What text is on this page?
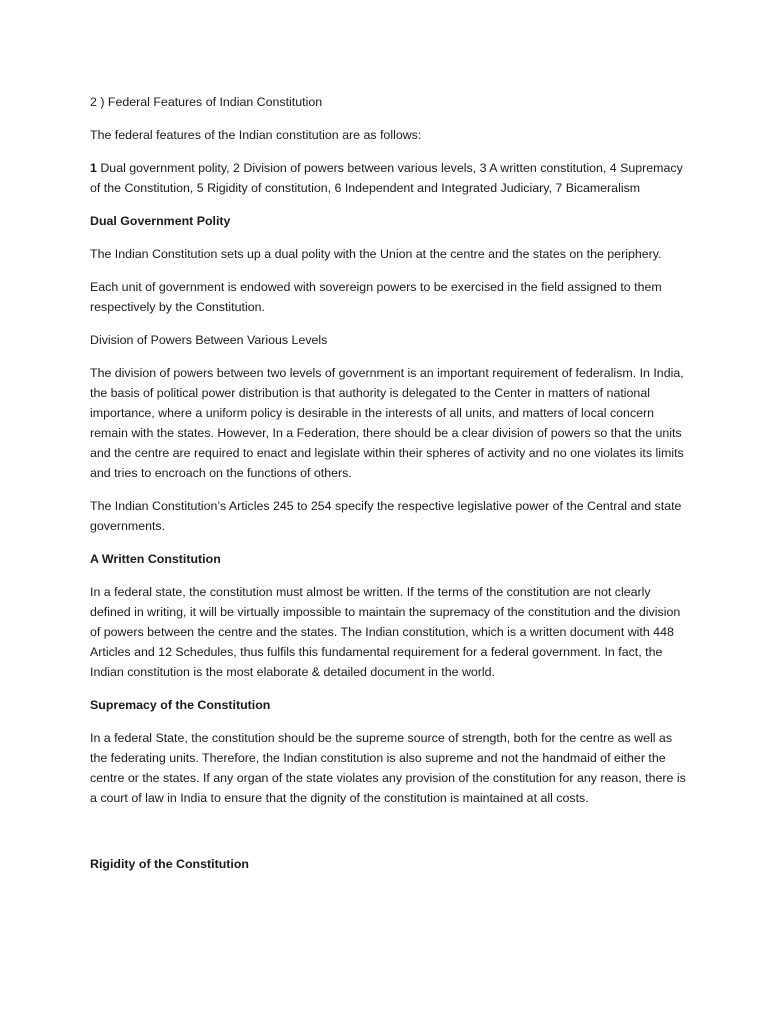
2 ) Federal Features of Indian Constitution

The federal features of the Indian constitution are as follows:

1 Dual government polity, 2 Division of powers between various levels, 3 A written constitution, 4 Supremacy of the Constitution, 5 Rigidity of constitution, 6 Independent and Integrated Judiciary, 7 Bicameralism

Dual Government Polity

The Indian Constitution sets up a dual polity with the Union at the centre and the states on the periphery.

Each unit of government is endowed with sovereign powers to be exercised in the field assigned to them respectively by the Constitution.

Division of Powers Between Various Levels

The division of powers between two levels of government is an important requirement of federalism. In India, the basis of political power distribution is that authority is delegated to the Center in matters of national importance, where a uniform policy is desirable in the interests of all units, and matters of local concern remain with the states. However, In a Federation, there should be a clear division of powers so that the units and the centre are required to enact and legislate within their spheres of activity and no one violates its limits and tries to encroach on the functions of others.

The Indian Constitution’s Articles 245 to 254 specify the respective legislative power of the Central and state governments.

A Written Constitution

In a federal state, the constitution must almost be written. If the terms of the constitution are not clearly defined in writing, it will be virtually impossible to maintain the supremacy of the constitution and the division of powers between the centre and the states. The Indian constitution, which is a written document with 448 Articles and 12 Schedules, thus fulfils this fundamental requirement for a federal government. In fact, the Indian constitution is the most elaborate & detailed document in the world.

Supremacy of the Constitution

In a federal State, the constitution should be the supreme source of strength, both for the centre as well as the federating units. Therefore, the Indian constitution is also supreme and not the handmaid of either the centre or the states. If any organ of the state violates any provision of the constitution for any reason, there is a court of law in India to ensure that the dignity of the constitution is maintained at all costs.

Rigidity of the Constitution
